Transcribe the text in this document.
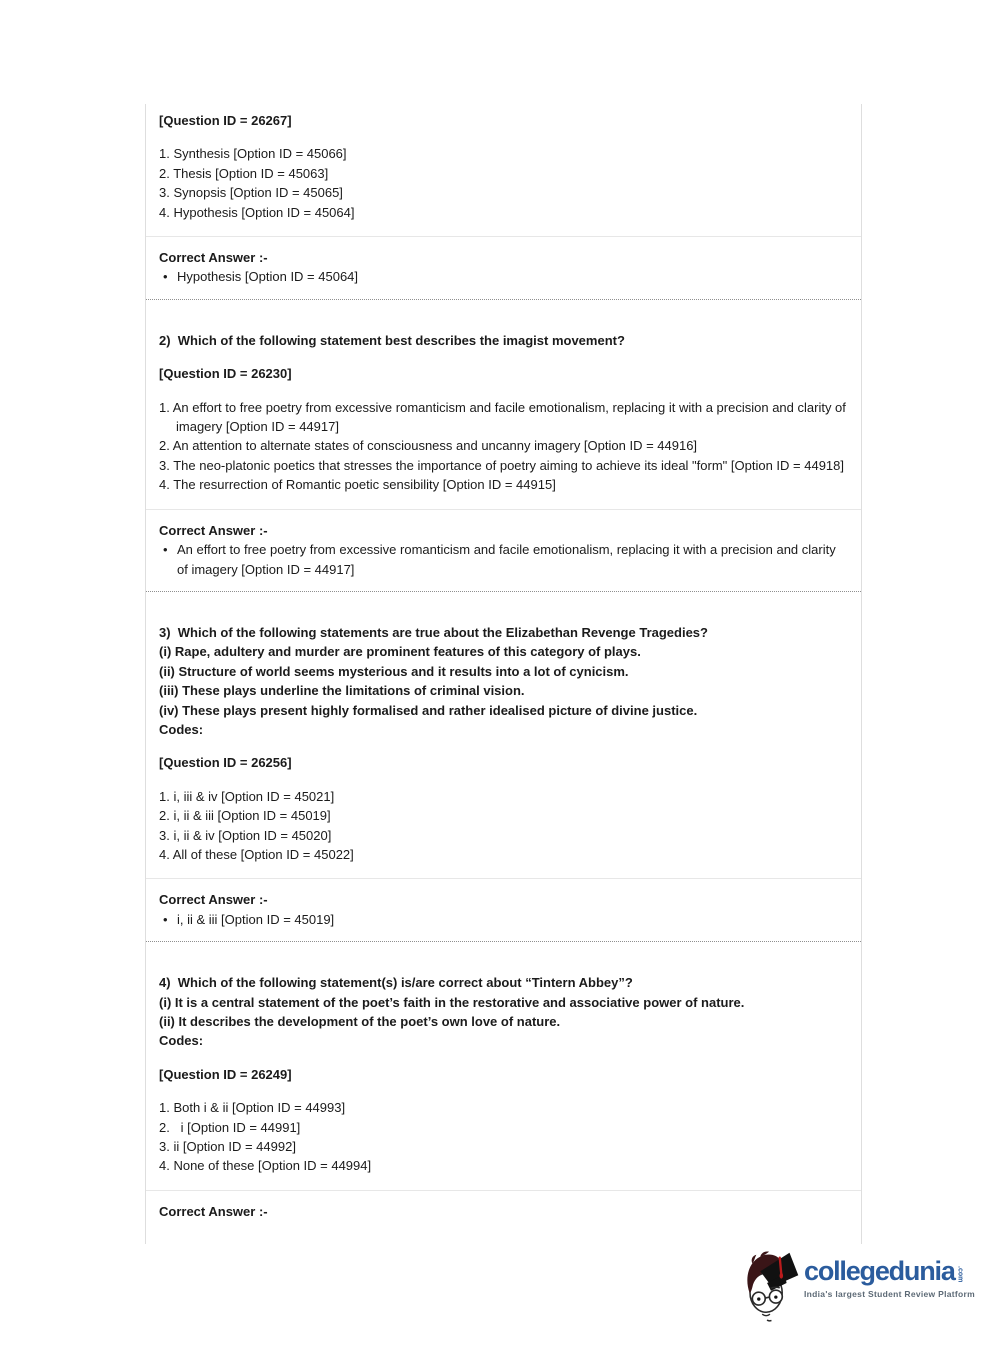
[Question ID = 26267]
1. Synthesis [Option ID = 45066]
2. Thesis [Option ID = 45063]
3. Synopsis [Option ID = 45065]
4. Hypothesis [Option ID = 45064]
Correct Answer :-
• Hypothesis [Option ID = 45064]
2)  Which of the following statement best describes the imagist movement?
[Question ID = 26230]
1. An effort to free poetry from excessive romanticism and facile emotionalism, replacing it with a precision and clarity of imagery [Option ID = 44917]
2. An attention to alternate states of consciousness and uncanny imagery [Option ID = 44916]
3. The neo-platonic poetics that stresses the importance of poetry aiming to achieve its ideal "form" [Option ID = 44918]
4. The resurrection of Romantic poetic sensibility [Option ID = 44915]
Correct Answer :-
• An effort to free poetry from excessive romanticism and facile emotionalism, replacing it with a precision and clarity of imagery [Option ID = 44917]
3)  Which of the following statements are true about the Elizabethan Revenge Tragedies?
(i) Rape, adultery and murder are prominent features of this category of plays.
(ii) Structure of world seems mysterious and it results into a lot of cynicism.
(iii) These plays underline the limitations of criminal vision.
(iv) These plays present highly formalised and rather idealised picture of divine justice.
Codes:
[Question ID = 26256]
1. i, iii & iv [Option ID = 45021]
2. i, ii & iii [Option ID = 45019]
3. i, ii & iv [Option ID = 45020]
4. All of these [Option ID = 45022]
Correct Answer :-
• i, ii & iii [Option ID = 45019]
4)  Which of the following statement(s) is/are correct about “Tintern Abbey”?
(i) It is a central statement of the poet’s faith in the restorative and associative power of nature.
(ii) It describes the development of the poet’s own love of nature.
Codes:
[Question ID = 26249]
1. Both i & ii [Option ID = 44993]
2.   i [Option ID = 44991]
3. ii [Option ID = 44992]
4. None of these [Option ID = 44994]
Correct Answer :-
collegedunia .com
India's largest Student Review Platform
